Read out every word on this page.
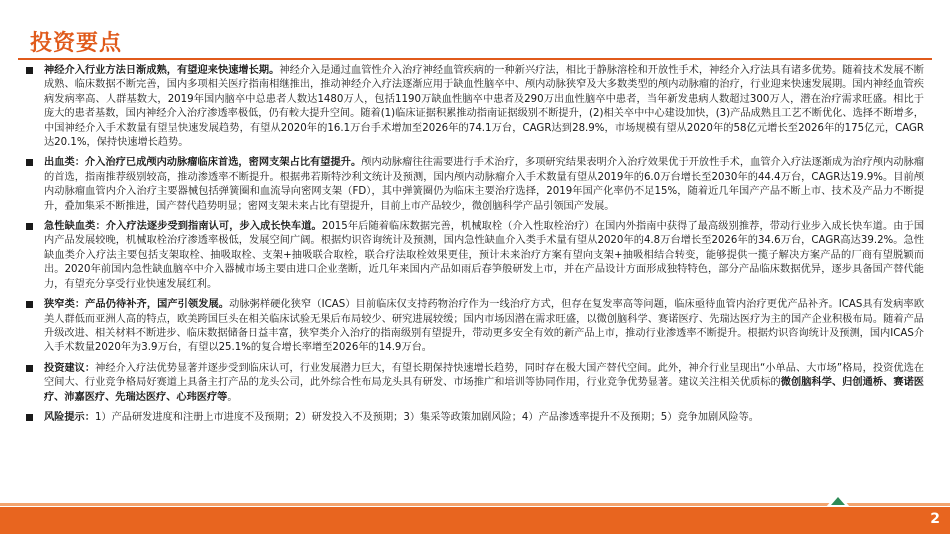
投资要点
神经介入行业方法日渐成熟，有望迎来快速增长期。神经介入是通过血管性介入治疗神经血管疾病的一种新兴疗法，相比于静脉溶栓和开放性手术，神经介入疗法具有诸多优势。随着技术发展不断成熟、临床数据不断完善，国内多项相关医疗指南相继推出，推动神经介入疗法逐渐应用于缺血性脑卒中、颅内动脉狭窄及大多数类型的颅内动脉瘤的治疗，行业迎来快速发展期。国内神经血管疾病发病率高、人群基数大，2019年国内脑卒中总患者人数达1480万人，包括1190万缺血性脑卒中患者及290万出血性脑卒中患者，当年新发患病人数超过300万人，潜在治疗需求旺盛。相比于庞大的患者基数，国内神经介入治疗渗透率极低，仍有較大提升空间。随着(1)临床证据积累推动指南证据级别不断提升，(2)相关卒中中心建设加快，(3)产品成熟且工艺不断优化、选择不断增多，中国神经介入手术数量有望呈快速发展趋势，有望从2020年的16.1万台手术增加至2026年的74.1万台，CAGR达到28.9%，市场规模有望从2020年的58亿元增长至2026年的175亿元，CAGR达20.1%，保持快速增长趋势。
出血类：介入治疗已成颅内动脉瘤临床首选，密网支架占比有望提升。颅内动脉瘤往往需要进行手术治疗，多项研究结果表明介入治疗效果优于开放性手术，血管介入疗法逐渐成为治疗颅内动脉瘤的首选，指南推荐级别较高，推动渗透率不断提升。根据弗若斯特沙利文统计及预测，国内颅内动脉瘤介入手术数量有望从2019年的6.0万台增长至2030年的44.4万台，CAGR达19.9%。目前颅内动脉瘤血管内介入治疗主要器械包括弹簧圈和血流导向密网支架（FD），其中弹簧圈仍为临床主要治疗选择，2019年国产化率仍不足15%，随着近几年国产产品不断上市、技术及产品力不断提升，叠加集采不断推进，国产替代趋势明显；密网支架未来占比有望提升，目前上市产品较少，微创脑科学产品引领国产发展。
急性缺血类：介入疗法逐步受到指南认可，步入成长快车道。2015年后随着临床数据完善，机械取栓（介入性取栓治疗）在国内外指南中获得了最高级别推荐，带动行业步入成长快车道。由于国内产品发展较晚，机械取栓治疗渗透率极低，发展空间广阔。根据灼识咨询统计及预测，国内急性缺血介入类手术量有望从2020年的4.8万台增长至2026年的34.6万台，CAGR高达39.2%。急性缺血类介入疗法主要包括支架取栓、抽吸取栓、支架+抽吸联合取栓，联合疗法取栓效果更佳，预计未来治疗方案有望向支架+抽吸相结合转变，能够提供一揽子解决方案产品的厂商有望脱颖而出。2020年前国内急性缺血脑卒中介入器械市场主要由进口企业垄断，近几年来国内产品如雨后春笋般研发上市，并在产品设计方面形成独特特色，部分产品临床数据优异，逐步具备国产替代能力，有望充分享受行业快速发展红利。
狭窄类：产品仍待补齐，国产引领发展。动脉粥样硬化狭窄（ICAS）目前临床仅支持药物治疗作为一线治疗方式，但存在复发率高等问题，临床亟待血管内治疗更优产品补齐。ICAS具有发病率欧美人群低而亚洲人高的特点，欧美跨国巨头在相关临床试验无果后布局较少、研究进展较缓；国内市场因潜在需求旺盛，以微创脑科学、赛诺医疗、先瑞达医疗为主的国产企业积极布局。随着产品升级改进、相关材料不断进步、临床数据储备日益丰富，狭窄类介入治疗的指南级别有望提升，带动更多安全有效的新产品上市，推动行业渗透率不断提升。根据灼识咨询统计及预测，国内ICAS介入手术数量2020年为3.9万台，有望以25.1%的复合增长率增至2026年的14.9万台。
投资建议：神经介入疗法优势显著并逐步受到临床认可，行业发展潜力巨大，有望长期保持快速增长趋势，同时存在极大国产替代空间。此外，神介行业呈现出“小单品、大市场”格局，投资优选在空间大、行业竞争格局好赛道上具备主打产品的龙头公司，此外综合性布局龙头具有研发、市场推广和培训等协同作用，行业竞争优势显著。建议关注相关优质标的微创脑科学、归创通桥、赛诺医疗、沛嘉医疗、先瑞达医疗、心玮医疗等。
风险提示：1）产品研发进度和注册上市进度不及预期；2）研发投入不及预期；3）集采等政策加剧风险；4）产品渗透率提升不及预期；5）竞争加剧风险等。
2
